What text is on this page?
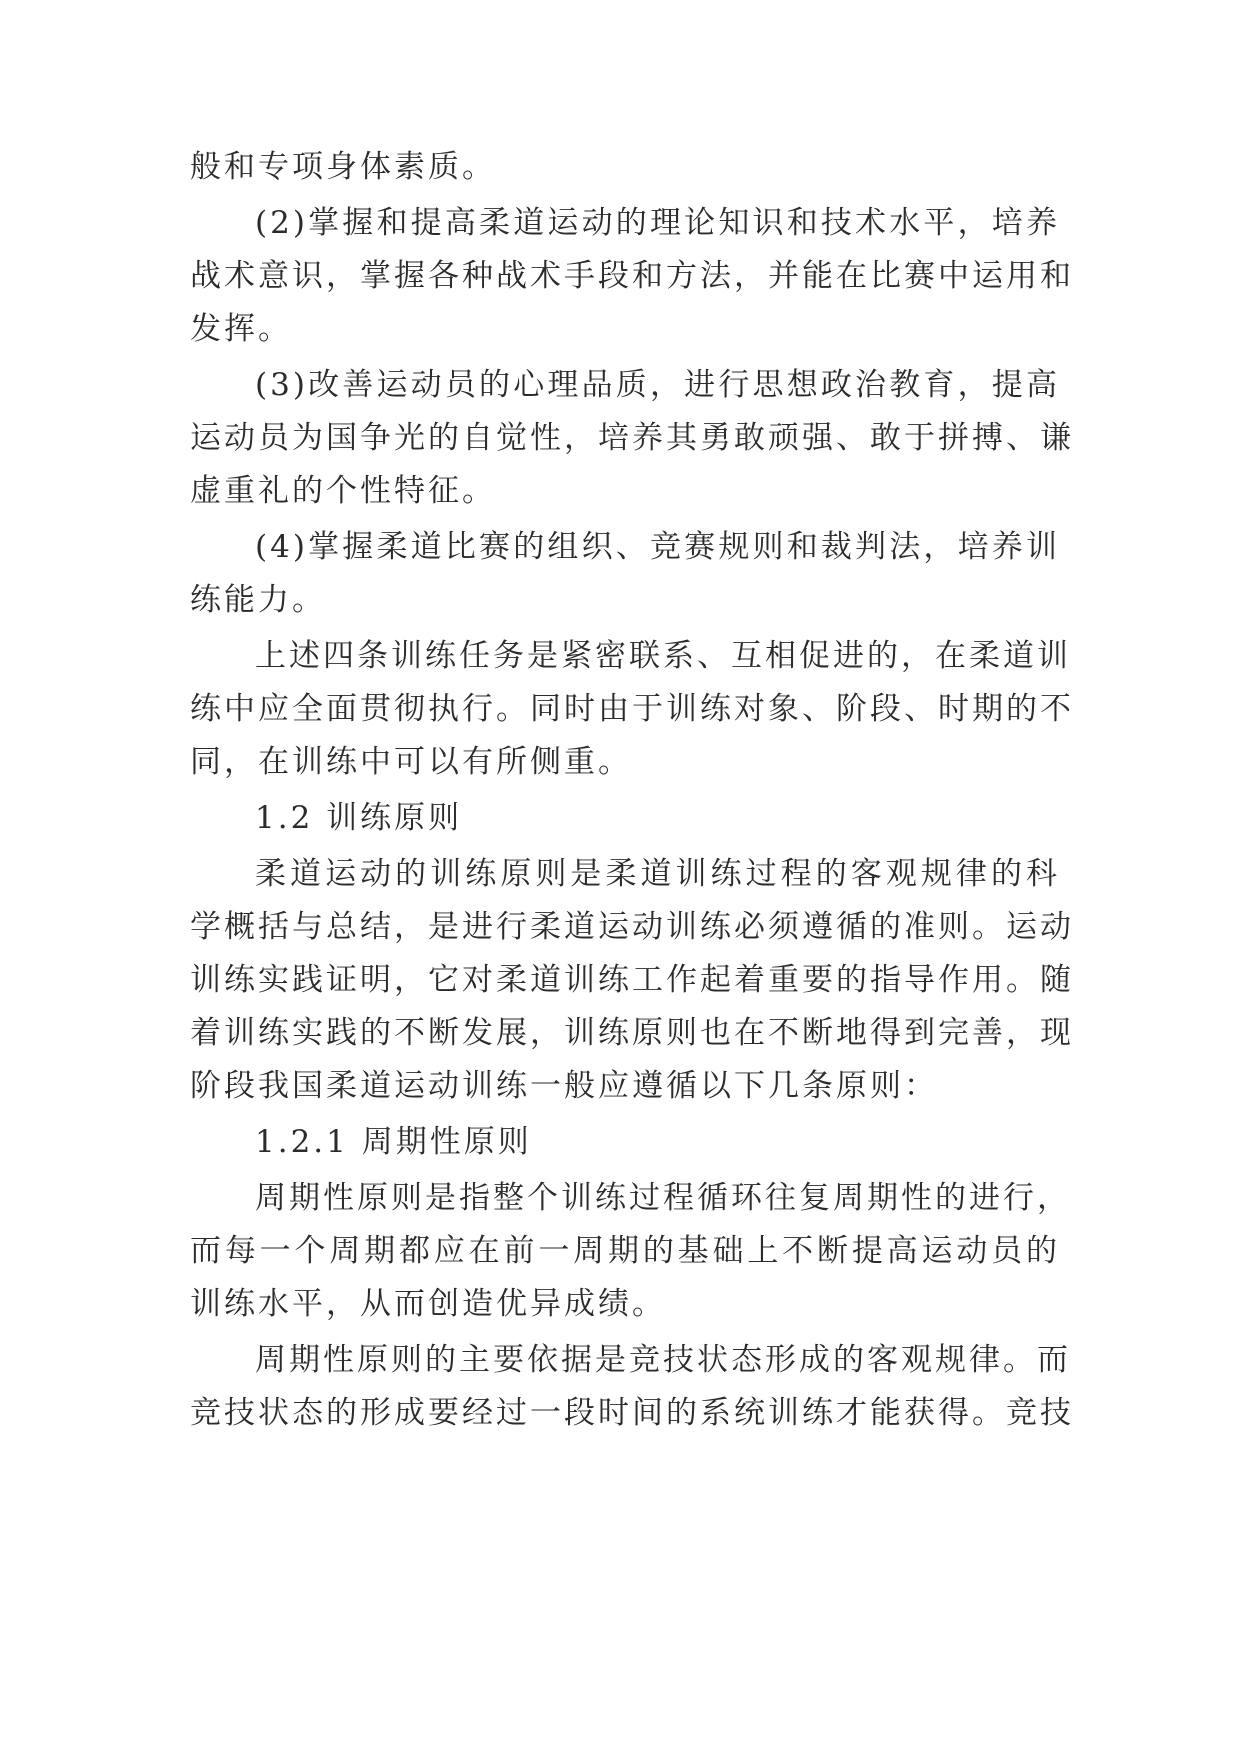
般和专项身体素质。
(2)掌握和提高柔道运动的理论知识和技术水平，培养
战术意识，掌握各种战术手段和方法，并能在比赛中运用和
发挥。
(3)改善运动员的心理品质，进行思想政治教育，提高
运动员为国争光的自觉性，培养其勇敢顽强、敢于拼搏、谦
虚重礼的个性特征。
(4)掌握柔道比赛的组织、竞赛规则和裁判法，培养训
练能力。
上述四条训练任务是紧密联系、互相促进的，在柔道训
练中应全面贯彻执行。同时由于训练对象、阶段、时期的不
同，在训练中可以有所侧重。
1.2 训练原则
柔道运动的训练原则是柔道训练过程的客观规律的科
学概括与总结，是进行柔道运动训练必须遵循的准则。运动
训练实践证明，它对柔道训练工作起着重要的指导作用。随
着训练实践的不断发展，训练原则也在不断地得到完善，现
阶段我国柔道运动训练一般应遵循以下几条原则：
1.2.1 周期性原则
周期性原则是指整个训练过程循环往复周期性的进行，
而每一个周期都应在前一周期的基础上不断提高运动员的
训练水平，从而创造优异成绩。
周期性原则的主要依据是竞技状态形成的客观规律。而
竞技状态的形成要经过一段时间的系统训练才能获得。竞技
